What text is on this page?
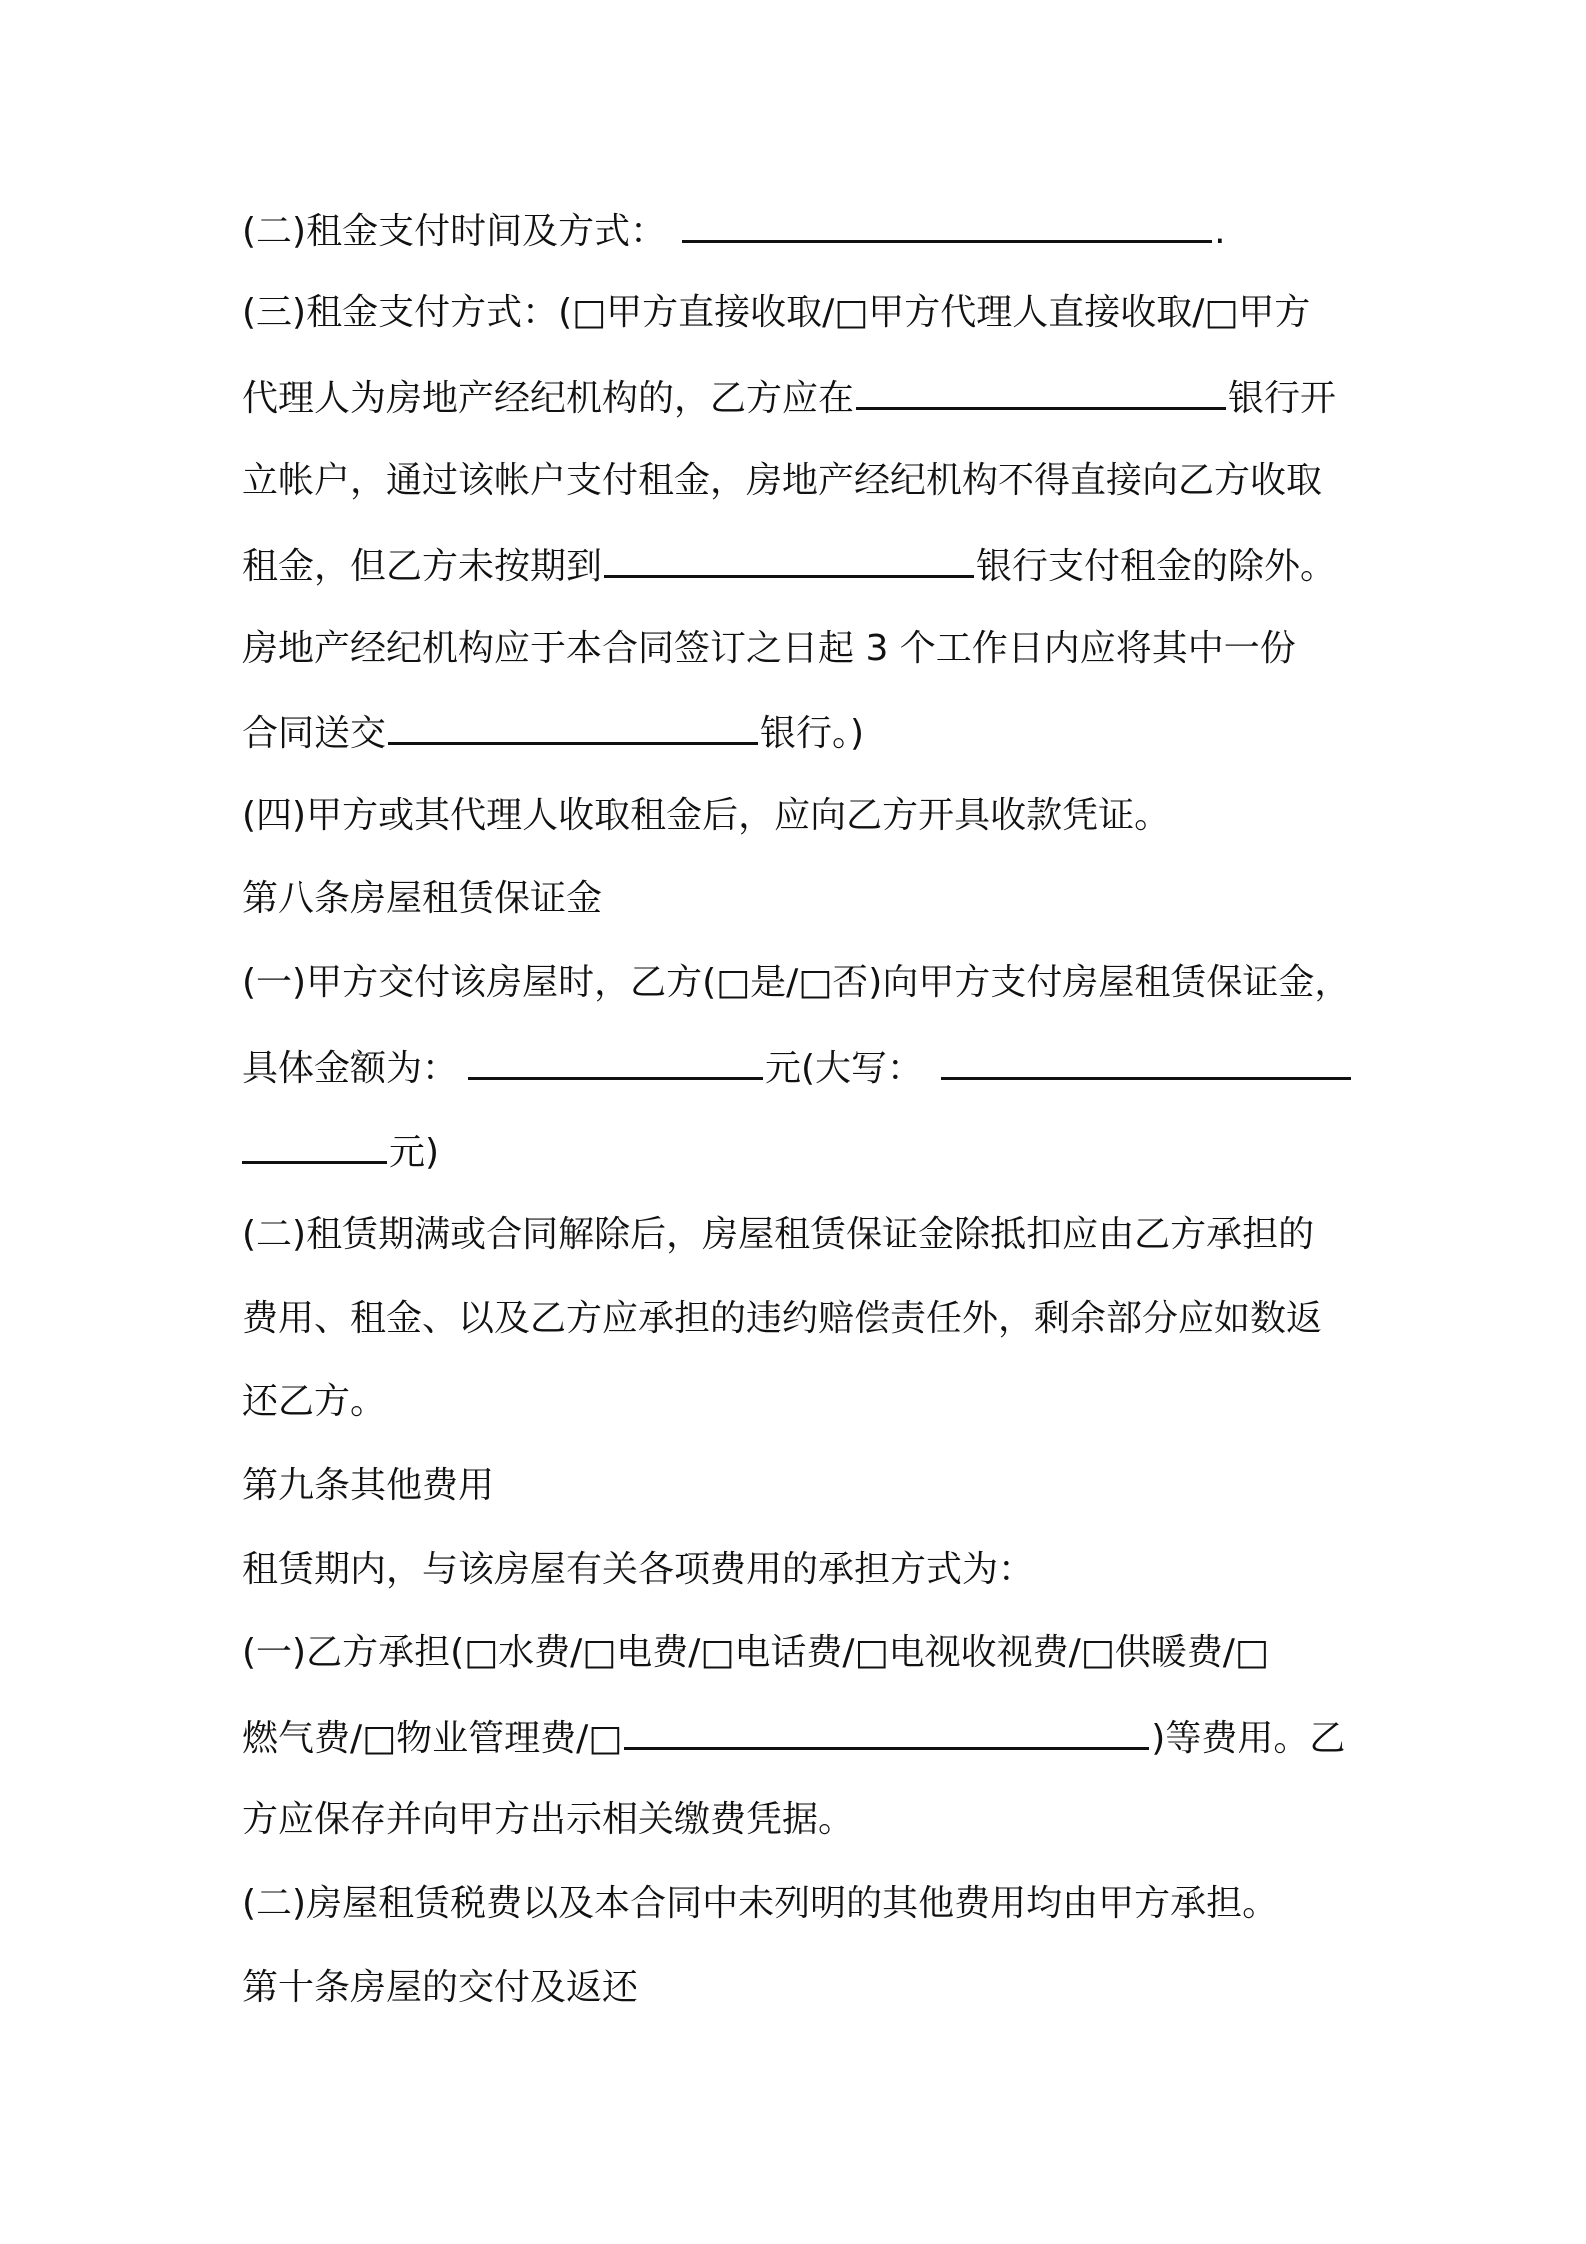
(二)租金支付时间及方式：	.
(三)租金支付方式：(□甲方直接收取/□甲方代理人直接收取/□甲方
代理人为房地产经纪机构的，乙方应在	银行开
立帐户，通过该帐户支付租金，房地产经纪机构不得直接向乙方收取
租金，但乙方未按期到	银行支付租金的除外。
房地产经纪机构应于本合同签订之日起 3 个工作日内应将其中一份
合同送交	银行。)
(四)甲方或其代理人收取租金后，应向乙方开具收款凭证。
第八条房屋租赁保证金
(一)甲方交付该房屋时，乙方(□是/□否)向甲方支付房屋租赁保证金，
具体金额为：	元(大写：
元)
(二)租赁期满或合同解除后，房屋租赁保证金除抵扣应由乙方承担的
费用、租金、以及乙方应承担的违约赔偿责任外，剩余部分应如数返
还乙方。
第九条其他费用
租赁期内，与该房屋有关各项费用的承担方式为：
(一)乙方承担(□水费/□电费/□电话费/□电视收视费/□供暖费/□
燃气费/□物业管理费/□	)等费用。乙
方应保存并向甲方出示相关缴费凭据。
(二)房屋租赁税费以及本合同中未列明的其他费用均由甲方承担。
第十条房屋的交付及返还
